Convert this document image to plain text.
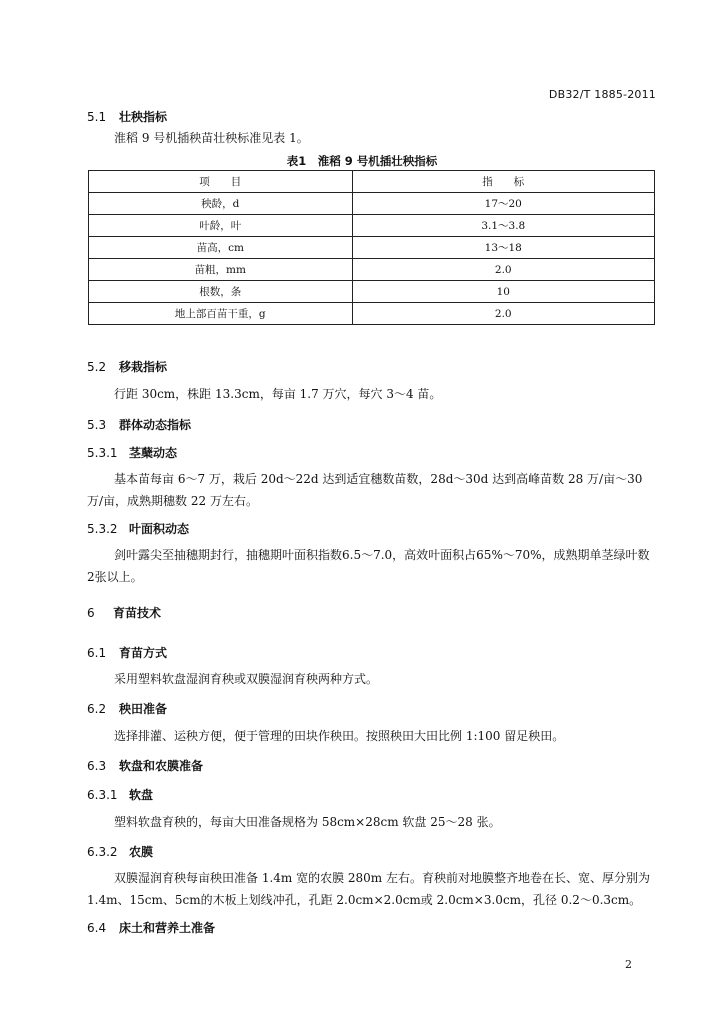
DB32/T 1885-2011
5.1 壮秧指标
淮稻 9 号机插秧苗壮秧标准见表 1。
表1　淮稻 9 号机插壮秧指标
项　　目	指　　标
秧龄，d	17～20
叶龄，叶	3.1～3.8
苗高，cm	13～18
苗粗，mm	2.0
根数，条	10
地上部百苗干重，g	2.0
5.2 移栽指标
行距 30cm，株距 13.3cm，每亩 1.7 万穴，每穴 3～4 苗。
5.3 群体动态指标
5.3.1 茎蘖动态
基本苗每亩 6～7 万，栽后 20d～22d 达到适宜穗数苗数，28d～30d 达到高峰苗数 28 万/亩～30 万/亩，成熟期穗数 22 万左右。
5.3.2 叶面积动态
剑叶露尖至抽穗期封行，抽穗期叶面积指数6.5～7.0，高效叶面积占65%～70%，成熟期单茎绿叶数2张以上。
6 育苗技术
6.1 育苗方式
采用塑料软盘湿润育秧或双膜湿润育秧两种方式。
6.2 秧田准备
选择排灌、运秧方便，便于管理的田块作秧田。按照秧田大田比例 1:100 留足秧田。
6.3 软盘和农膜准备
6.3.1 软盘
塑料软盘育秧的，每亩大田准备规格为 58cm×28cm 软盘 25～28 张。
6.3.2 农膜
双膜湿润育秧每亩秧田准备 1.4m 宽的农膜 280m 左右。育秧前对地膜整齐地卷在长、宽、厚分别为 1.4m、15cm、5cm的木板上划线冲孔，孔距 2.0cm×2.0cm或 2.0cm×3.0cm，孔径 0.2～0.3cm。
6.4 床土和营养土准备
2
